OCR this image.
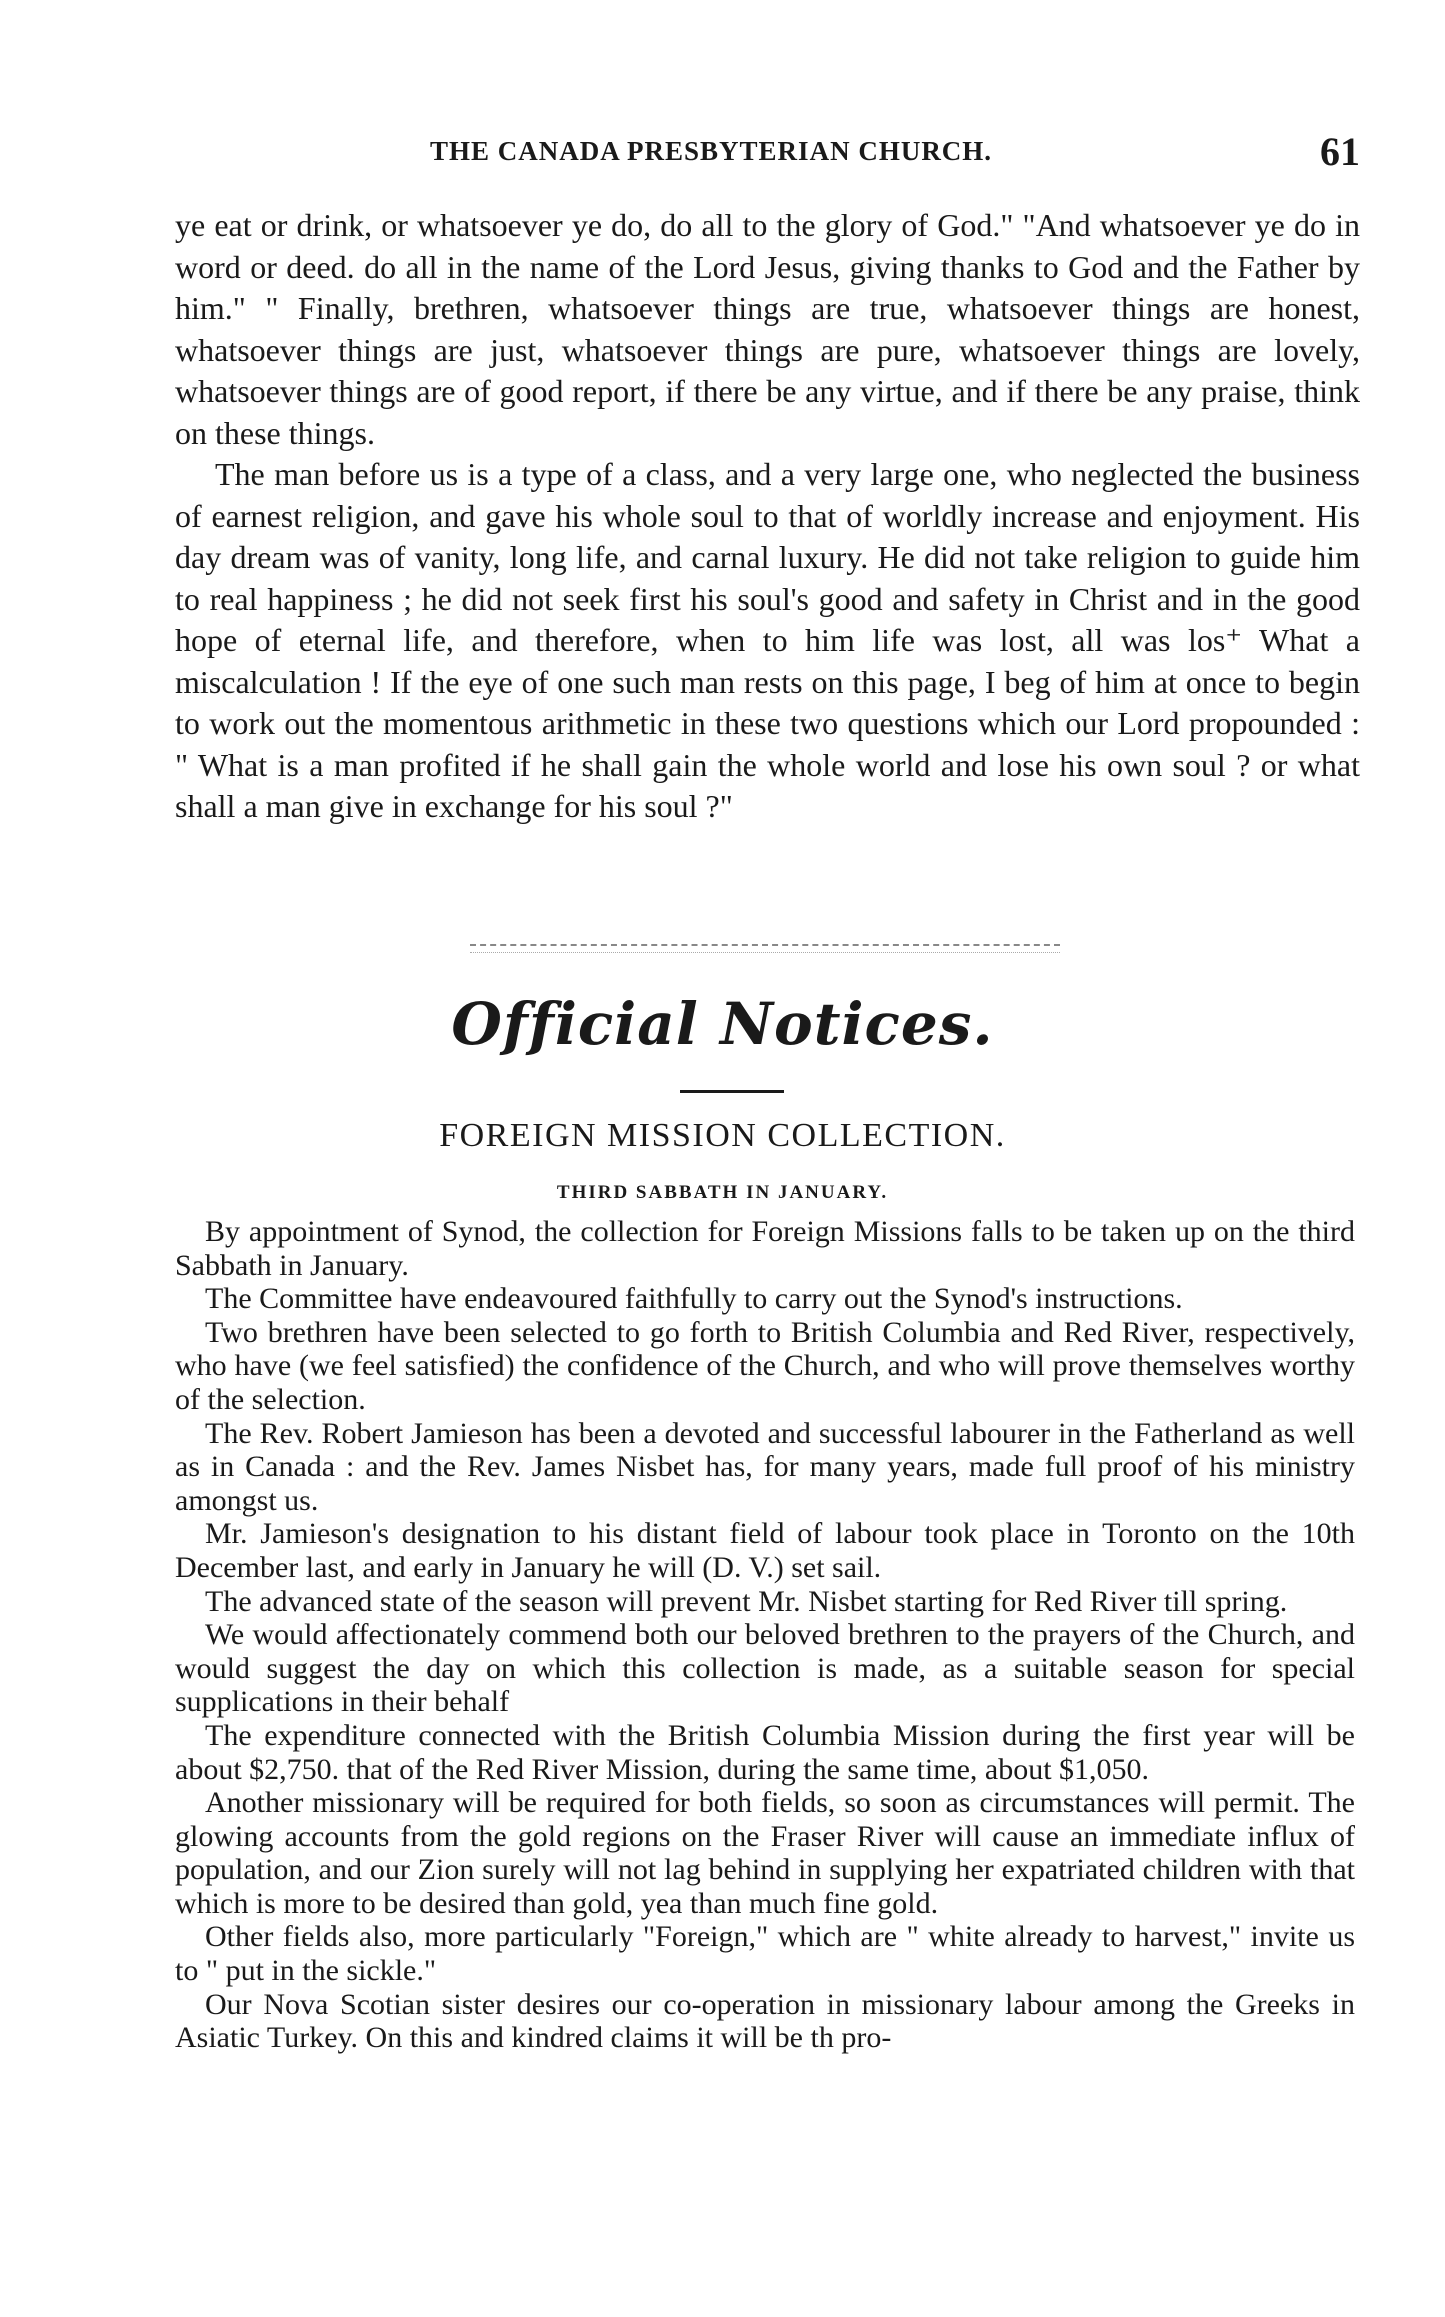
THE CANADA PRESBYTERIAN CHURCH.	61

ye eat or drink, or whatsoever ye do, do all to the glory of God." "And whatsoever ye do in word or deed. do all in the name of the Lord Jesus, giving thanks to God and the Father by him." " Finally, brethren, whatsoever things are true, whatsoever things are honest, whatsoever things are just, whatsoever things are pure, whatsoever things are lovely, whatsoever things are of good report, if there be any virtue, and if there be any praise, think on these things.

The man before us is a type of a class, and a very large one, who neglected the business of earnest religion, and gave his whole soul to that of worldly increase and enjoyment. His day dream was of vanity, long life, and carnal luxury. He did not take religion to guide him to real happiness ; he did not seek first his soul's good and safety in Christ and in the good hope of eternal life, and therefore, when to him life was lost, all was los⁺ What a miscalculation ! If the eye of one such man rests on this page, I beg of him at once to begin to work out the momentous arithmetic in these two questions which our Lord propounded : " What is a man profited if he shall gain the whole world and lose his own soul ? or what shall a man give in exchange for his soul ?"

Official Notices.
FOREIGN MISSION COLLECTION.
THIRD SABBATH IN JANUARY.

By appointment of Synod, the collection for Foreign Missions falls to be taken up on the third Sabbath in January.

The Committee have endeavoured faithfully to carry out the Synod's instructions.

Two brethren have been selected to go forth to British Columbia and Red River, respectively, who have (we feel satisfied) the confidence of the Church, and who will prove themselves worthy of the selection.

The Rev. Robert Jamieson has been a devoted and successful labourer in the Fatherland as well as in Canada : and the Rev. James Nisbet has, for many years, made full proof of his ministry amongst us.

Mr. Jamieson's designation to his distant field of labour took place in Toronto on the 10th December last, and early in January he will (D. V.) set sail.

The advanced state of the season will prevent Mr. Nisbet starting for Red River till spring.

We would affectionately commend both our beloved brethren to the prayers of the Church, and would suggest the day on which this collection is made, as a suitable season for special supplications in their behalf

The expenditure connected with the British Columbia Mission during the first year will be about $2,750. that of the Red River Mission, during the same time, about $1,050.

Another missionary will be required for both fields, so soon as circumstances will permit. The glowing accounts from the gold regions on the Fraser River will cause an immediate influx of population, and our Zion surely will not lag behind in supplying her expatriated children with that which is more to be desired than gold, yea than much fine gold.

Other fields also, more particularly "Foreign," which are " white already to harvest," invite us to " put in the sickle."

Our Nova Scotian sister desires our co-operation in missionary labour among the Greeks in Asiatic Turkey. On this and kindred claims it will be th pro-
